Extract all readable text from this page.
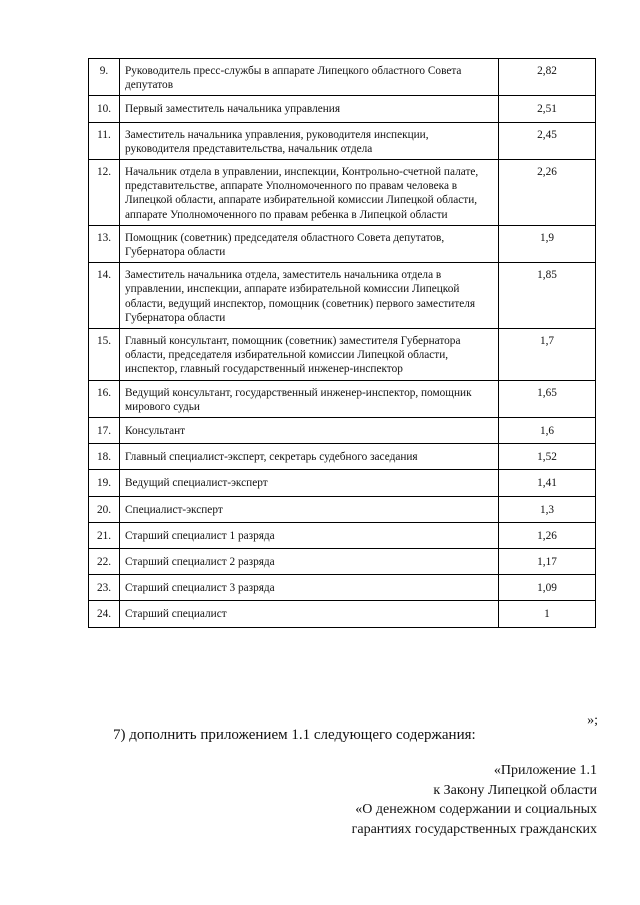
9.	Руководитель пресс-службы в аппарате Липецкого областного Совета депутатов	2,82
10.	Первый заместитель начальника управления	2,51
11.	Заместитель начальника управления, руководителя инспекции, руководителя представительства, начальник отдела	2,45
12.	Начальник отдела в управлении, инспекции, Контрольно-счетной палате, представительстве, аппарате Уполномоченного по правам человека в Липецкой области, аппарате избирательной комиссии Липецкой области, аппарате Уполномоченного по правам ребенка в Липецкой области	2,26
13.	Помощник (советник) председателя областного Совета депутатов, Губернатора области	1,9
14.	Заместитель начальника отдела, заместитель начальника отдела в управлении, инспекции, аппарате избирательной комиссии Липецкой области, ведущий инспектор, помощник (советник) первого заместителя Губернатора области	1,85
15.	Главный консультант, помощник (советник) заместителя Губернатора области, председателя избирательной комиссии Липецкой области, инспектор, главный государственный инженер-инспектор	1,7
16.	Ведущий консультант, государственный инженер-инспектор, помощник мирового судьи	1,65
17.	Консультант	1,6
18.	Главный специалист-эксперт, секретарь судебного заседания	1,52
19.	Ведущий специалист-эксперт	1,41
20.	Специалист-эксперт	1,3
21.	Старший специалист 1 разряда	1,26
22.	Старший специалист 2 разряда	1,17
23.	Старший специалист 3 разряда	1,09
24.	Старший специалист	1
»;
7) дополнить приложением 1.1 следующего содержания:
«Приложение 1.1
к Закону Липецкой области
«О денежном содержании и социальных
гарантиях государственных гражданских
